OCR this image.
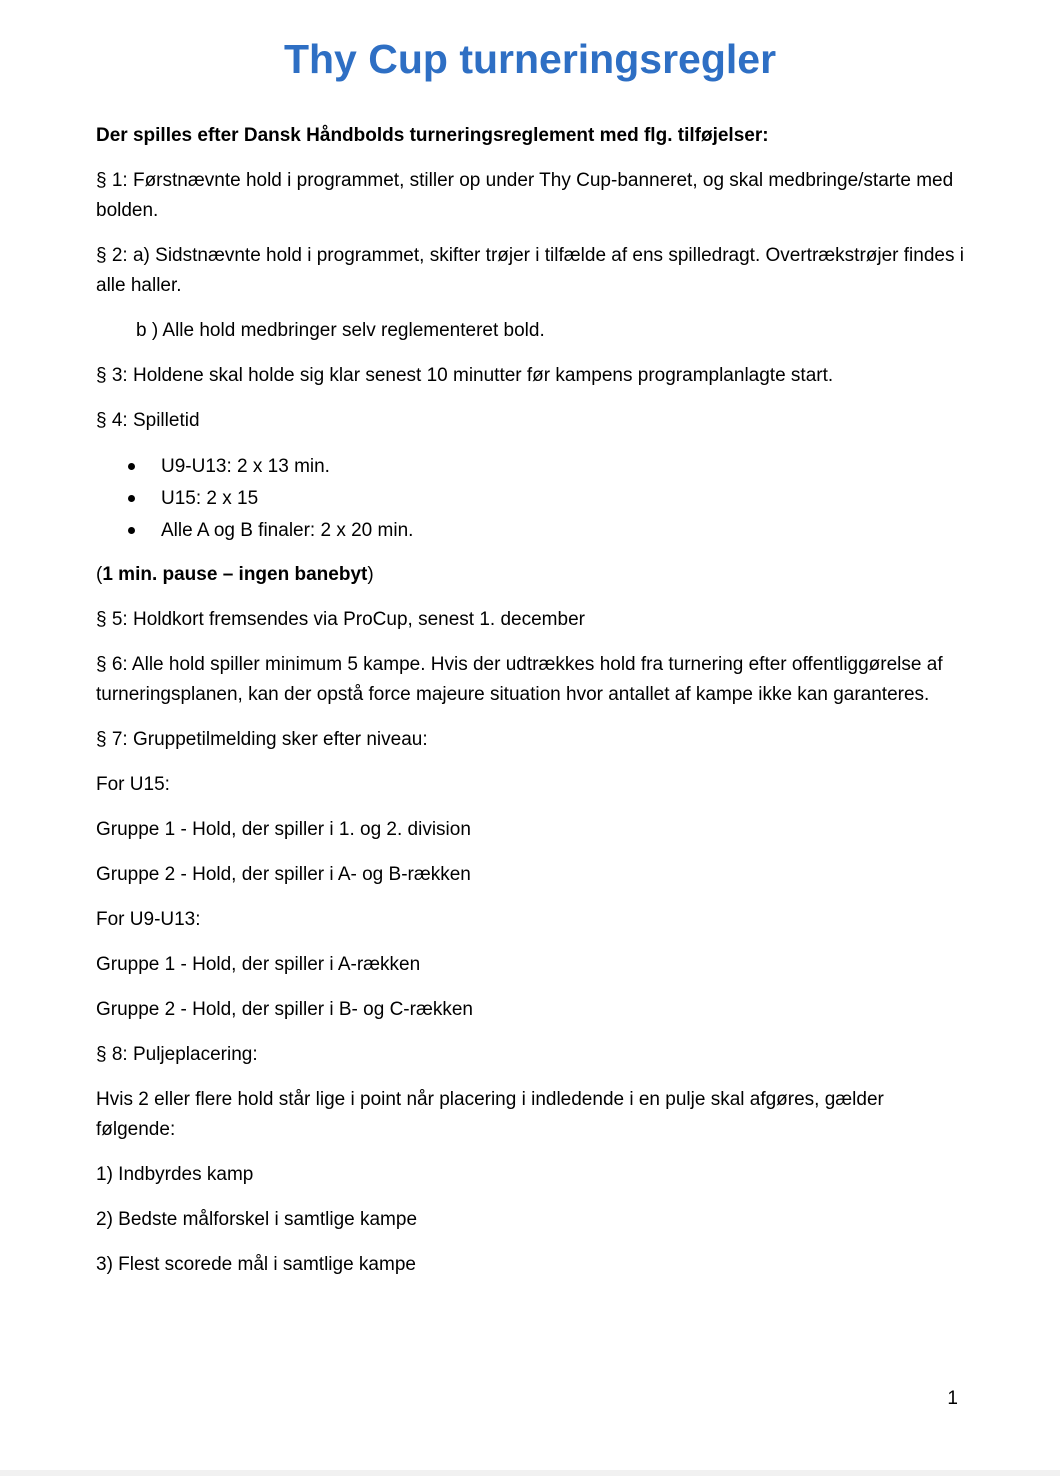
Thy Cup turneringsregler

Der spilles efter Dansk Håndbolds turneringsreglement med flg. tilføjelser:

§ 1: Førstnævnte hold i programmet, stiller op under Thy Cup-banneret, og skal medbringe/starte med bolden.

§ 2: a) Sidstnævnte hold i programmet, skifter trøjer i tilfælde af ens spilledragt. Overtrækstrøjer findes i alle haller.

b ) Alle hold medbringer selv reglementeret bold.

§ 3: Holdene skal holde sig klar senest 10 minutter før kampens programplanlagte start.

§ 4: Spilletid

U9-U13: 2 x 13 min.
U15: 2 x 15
Alle A og B finaler: 2 x 20 min.

(1 min. pause – ingen banebyt)

§ 5: Holdkort fremsendes via ProCup, senest 1. december

§ 6: Alle hold spiller minimum 5 kampe. Hvis der udtrækkes hold fra turnering efter offentliggørelse af turneringsplanen, kan der opstå force majeure situation hvor antallet af kampe ikke kan garanteres.

§ 7: Gruppetilmelding sker efter niveau:

For U15:

Gruppe 1 - Hold, der spiller i 1. og 2. division

Gruppe 2 - Hold, der spiller i A- og B-rækken

For U9-U13:

Gruppe 1 - Hold, der spiller i A-rækken

Gruppe 2 - Hold, der spiller i B- og C-rækken

§ 8: Puljeplacering:

Hvis 2 eller flere hold står lige i point når placering i indledende i en pulje skal afgøres, gælder følgende:

1) Indbyrdes kamp

2) Bedste målforskel i samtlige kampe

3) Flest scorede mål i samtlige kampe

1
